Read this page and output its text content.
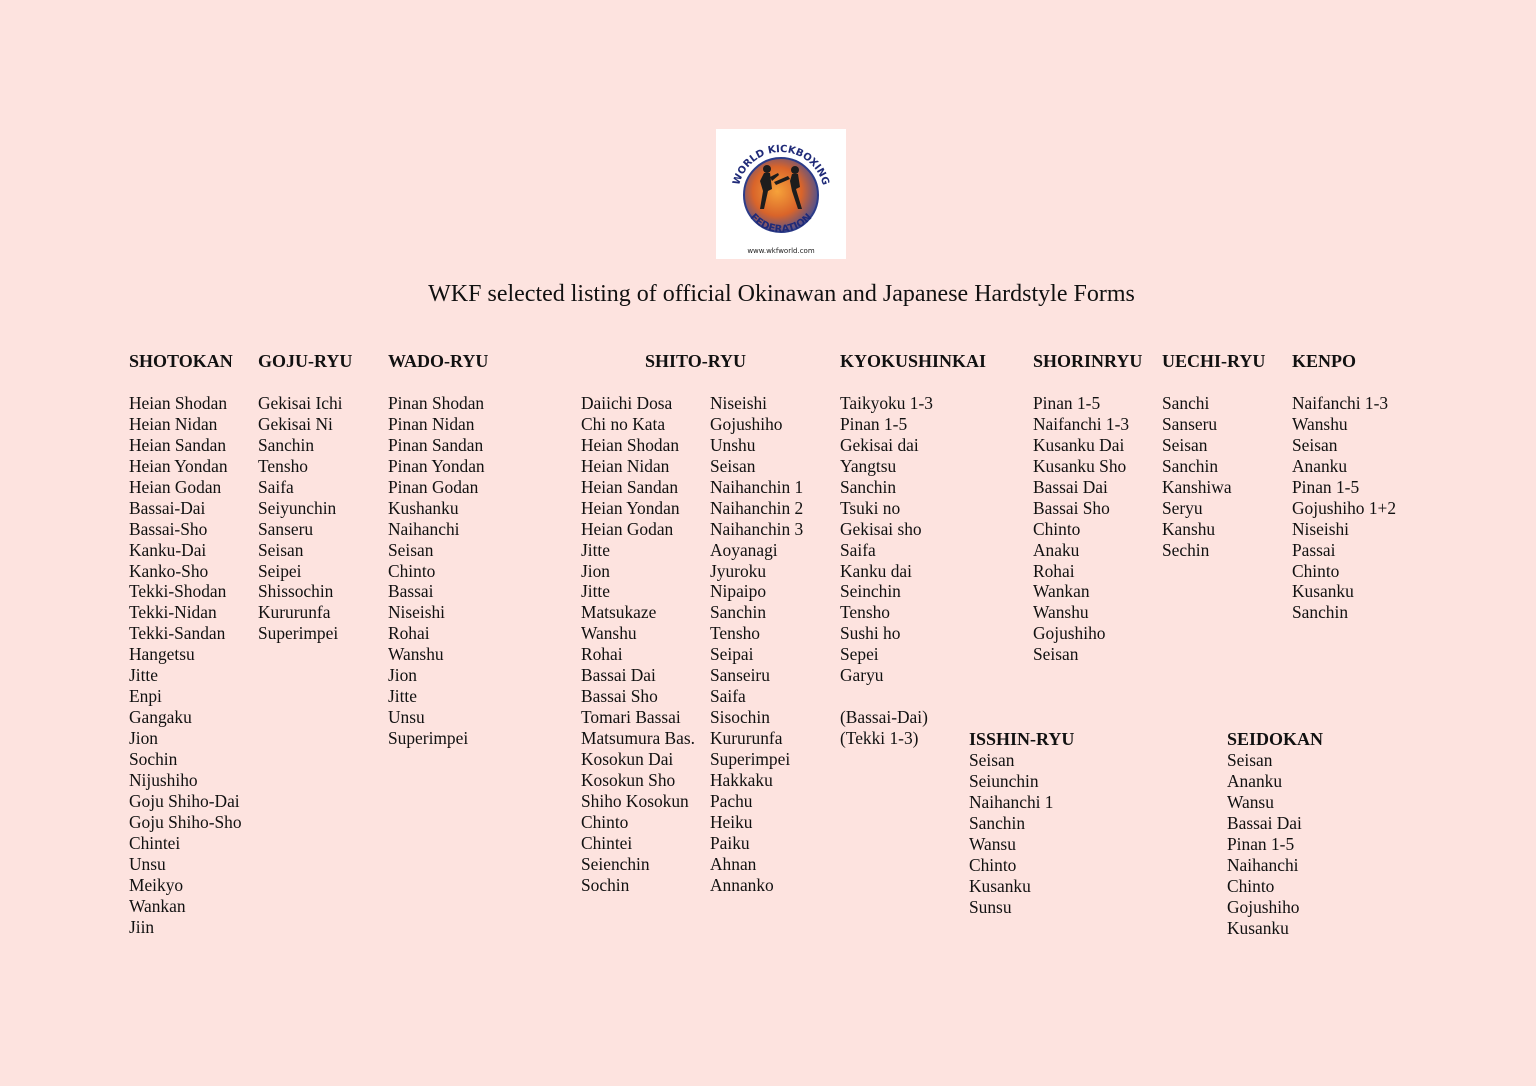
WORLD KICKBOXING
FEDERATION
www.wkfworld.com
WKF selected listing of official Okinawan and Japanese Hardstyle Forms
SHOTOKAN
Heian Shodan
Heian Nidan
Heian Sandan
Heian Yondan
Heian Godan
Bassai-Dai
Bassai-Sho
Kanku-Dai
Kanko-Sho
Tekki-Shodan
Tekki-Nidan
Tekki-Sandan
Hangetsu
Jitte
Enpi
Gangaku
Jion
Sochin
Nijushiho
Goju Shiho-Dai
Goju Shiho-Sho
Chintei
Unsu
Meikyo
Wankan
Jiin
GOJU-RYU
Gekisai Ichi
Gekisai Ni
Sanchin
Tensho
Saifa
Seiyunchin
Sanseru
Seisan
Seipei
Shissochin
Kururunfa
Superimpei
WADO-RYU
Pinan Shodan
Pinan Nidan
Pinan Sandan
Pinan Yondan
Pinan Godan
Kushanku
Naihanchi
Seisan
Chinto
Bassai
Niseishi
Rohai
Wanshu
Jion
Jitte
Unsu
Superimpei
SHITO-RYU
Daiichi Dosa
Chi no Kata
Heian Shodan
Heian Nidan
Heian Sandan
Heian Yondan
Heian Godan
Jitte
Jion
Jitte
Matsukaze
Wanshu
Rohai
Bassai Dai
Bassai Sho
Tomari Bassai
Matsumura Bas.
Kosokun Dai
Kosokun Sho
Shiho Kosokun
Chinto
Chintei
Seienchin
Sochin
Niseishi
Gojushiho
Unshu
Seisan
Naihanchin 1
Naihanchin 2
Naihanchin 3
Aoyanagi
Jyuroku
Nipaipo
Sanchin
Tensho
Seipai
Sanseiru
Saifa
Sisochin
Kururunfa
Superimpei
Hakkaku
Pachu
Heiku
Paiku
Ahnan
Annanko
KYOKUSHINKAI
Taikyoku 1-3
Pinan 1-5
Gekisai dai
Yangtsu
Sanchin
Tsuki no
Gekisai sho
Saifa
Kanku dai
Seinchin
Tensho
Sushi ho
Sepei
Garyu
(Bassai-Dai)
(Tekki 1-3)
SHORINRYU
Pinan 1-5
Naifanchi 1-3
Kusanku Dai
Kusanku Sho
Bassai Dai
Bassai Sho
Chinto
Anaku
Rohai
Wankan
Wanshu
Gojushiho
Seisan
UECHI-RYU
Sanchi
Sanseru
Seisan
Sanchin
Kanshiwa
Seryu
Kanshu
Sechin
KENPO
Naifanchi 1-3
Wanshu
Seisan
Ananku
Pinan 1-5
Gojushiho 1+2
Niseishi
Passai
Chinto
Kusanku
Sanchin
ISSHIN-RYU
Seisan
Seiunchin
Naihanchi 1
Sanchin
Wansu
Chinto
Kusanku
Sunsu
SEIDOKAN
Seisan
Ananku
Wansu
Bassai Dai
Pinan 1-5
Naihanchi
Chinto
Gojushiho
Kusanku
